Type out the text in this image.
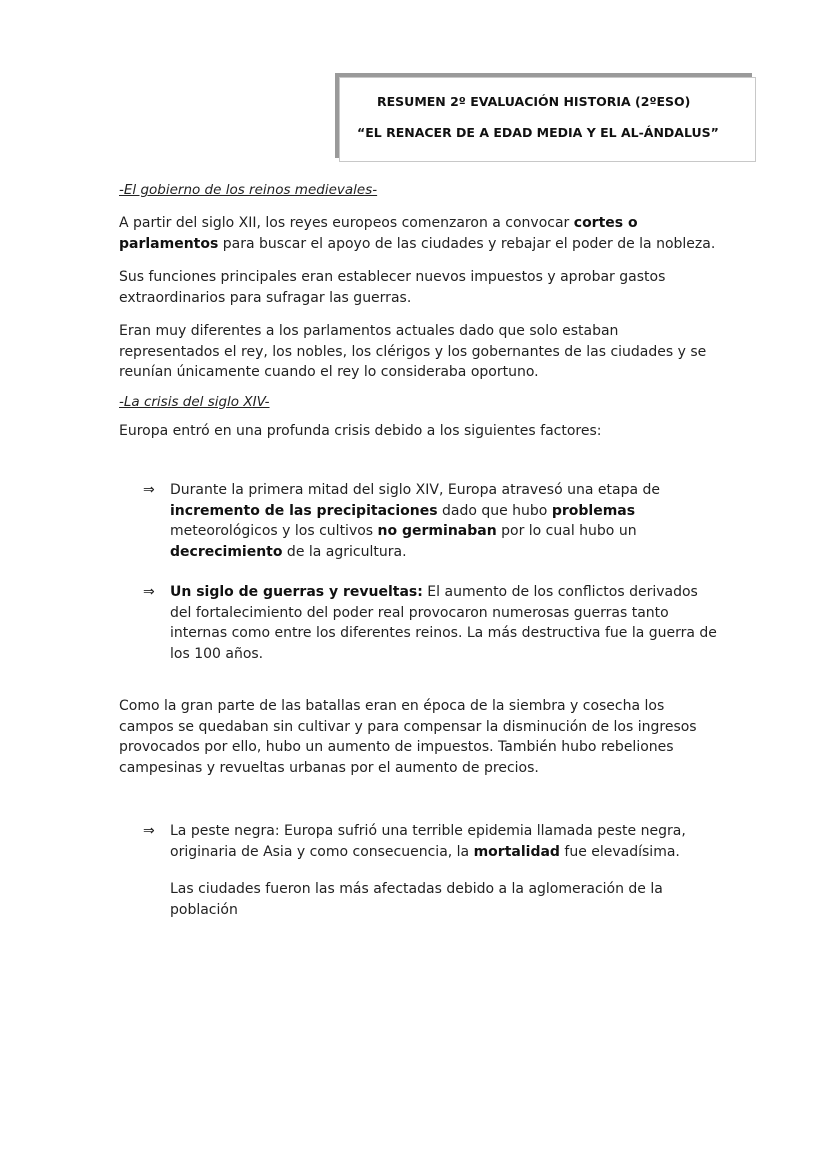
RESUMEN 2º EVALUACIÓN HISTORIA (2ºESO)
“EL RENACER DE A EDAD MEDIA Y EL AL-ÁNDALUS”
-El gobierno de los reinos medievales-
A partir del siglo XII, los reyes europeos comenzaron a convocar cortes o parlamentos para buscar el apoyo de las ciudades y rebajar el poder de la nobleza.
Sus funciones principales eran establecer nuevos impuestos y aprobar gastos extraordinarios para sufragar las guerras.
Eran muy diferentes a los parlamentos actuales dado que solo estaban representados el rey, los nobles, los clérigos y los gobernantes de las ciudades y se reunían únicamente cuando el rey lo consideraba oportuno.
-La crisis del siglo XIV-
Europa entró en una profunda crisis debido a los siguientes factores:
⇒ Durante la primera mitad del siglo XIV, Europa atravesó una etapa de incremento de las precipitaciones dado que hubo problemas meteorológicos y los cultivos no germinaban por lo cual hubo un decrecimiento de la agricultura.
⇒ Un siglo de guerras y revueltas: El aumento de los conflictos derivados del fortalecimiento del poder real provocaron numerosas guerras tanto internas como entre los diferentes reinos. La más destructiva fue la guerra de los 100 años.
Como la gran parte de las batallas eran en época de la siembra y cosecha los campos se quedaban sin cultivar y para compensar la disminución de los ingresos provocados por ello, hubo un aumento de impuestos. También hubo rebeliones campesinas y revueltas urbanas por el aumento de precios.
⇒ La peste negra: Europa sufrió una terrible epidemia llamada peste negra, originaria de Asia y como consecuencia, la mortalidad fue elevadísima.
Las ciudades fueron las más afectadas debido a la aglomeración de la población
